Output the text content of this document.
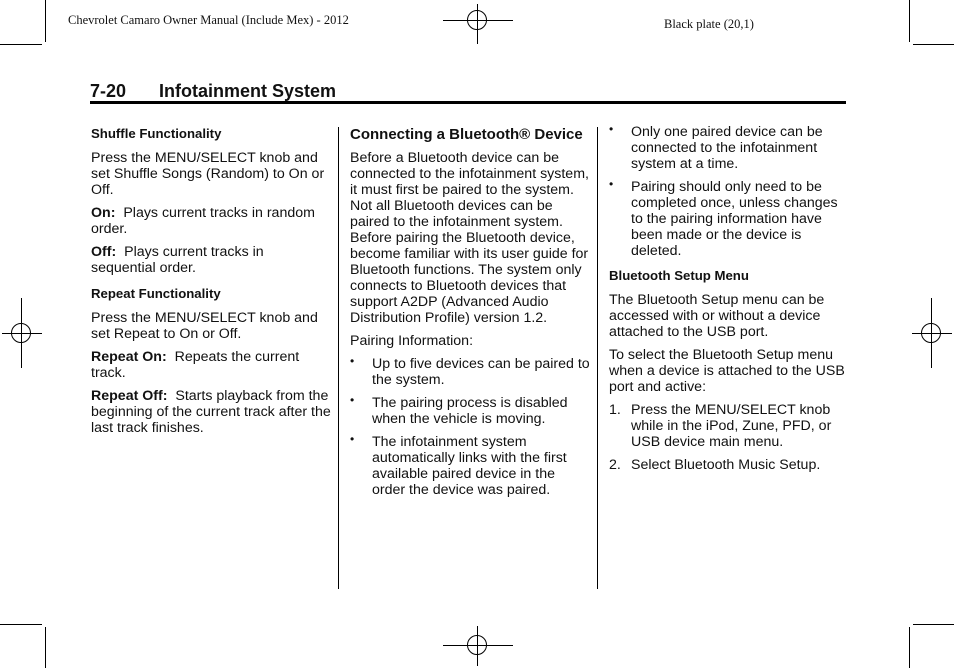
Chevrolet Camaro Owner Manual (Include Mex) - 2012	Black plate (20,1)
7-20 Infotainment System
Shuffle Functionality

Press the MENU/SELECT knob and set Shuffle Songs (Random) to On or Off.

On: Plays current tracks in random order.

Off: Plays current tracks in sequential order.

Repeat Functionality

Press the MENU/SELECT knob and set Repeat to On or Off.

Repeat On: Repeats the current track.

Repeat Off: Starts playback from the beginning of the current track after the last track finishes.

Connecting a Bluetooth® Device

Before a Bluetooth device can be connected to the infotainment system, it must first be paired to the system. Not all Bluetooth devices can be paired to the infotainment system. Before pairing the Bluetooth device, become familiar with its user guide for Bluetooth functions. The system only connects to Bluetooth devices that support A2DP (Advanced Audio Distribution Profile) version 1.2.

Pairing Information:

• Up to five devices can be paired to the system.
• The pairing process is disabled when the vehicle is moving.
• The infotainment system automatically links with the first available paired device in the order the device was paired.
• Only one paired device can be connected to the infotainment system at a time.
• Pairing should only need to be completed once, unless changes to the pairing information have been made or the device is deleted.
Bluetooth Setup Menu

The Bluetooth Setup menu can be accessed with or without a device attached to the USB port.

To select the Bluetooth Setup menu when a device is attached to the USB port and active:

1. Press the MENU/SELECT knob while in the iPod, Zune, PFD, or USB device main menu.
2. Select Bluetooth Music Setup.
